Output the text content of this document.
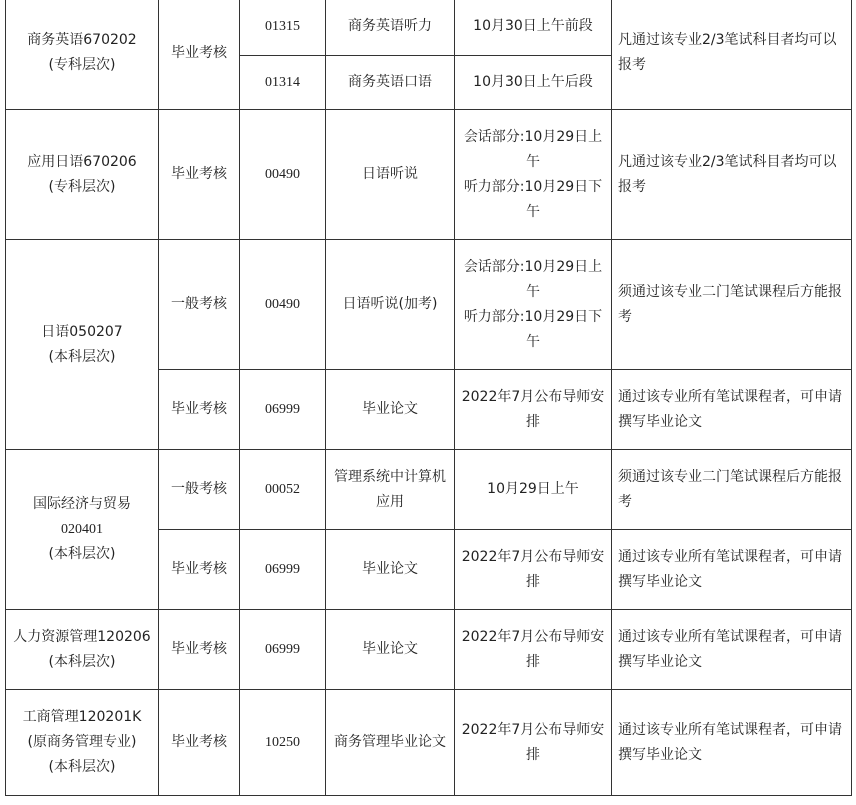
商务英语670202
(专科层次)	毕业考核	01315	商务英语听力	10月30日上午前段	凡通过该专业2/3笔试科目者均可以报考
		01314	商务英语口语	10月30日上午后段	

应用日语670206
(专科层次)	毕业考核	00490	日语听说	会话部分:10月29日上午
听力部分:10月29日下午	凡通过该专业2/3笔试科目者均可以报考

日语050207
(本科层次)	一般考核	00490	日语听说(加考)	会话部分:10月29日上午
听力部分:10月29日下午	须通过该专业二门笔试课程后方能报考
	毕业考核	06999	毕业论文	2022年7月公布导师安排	通过该专业所有笔试课程者，可申请撰写毕业论文

国际经济与贸易
020401
(本科层次)	一般考核	00052	管理系统中计算机应用	10月29日上午	须通过该专业二门笔试课程后方能报考
	毕业考核	06999	毕业论文	2022年7月公布导师安排	通过该专业所有笔试课程者，可申请撰写毕业论文

人力资源管理120206
(本科层次)	毕业考核	06999	毕业论文	2022年7月公布导师安排	通过该专业所有笔试课程者，可申请撰写毕业论文

工商管理120201K
(原商务管理专业)
(本科层次)	毕业考核	10250	商务管理毕业论文	2022年7月公布导师安排	通过该专业所有笔试课程者，可申请撰写毕业论文
